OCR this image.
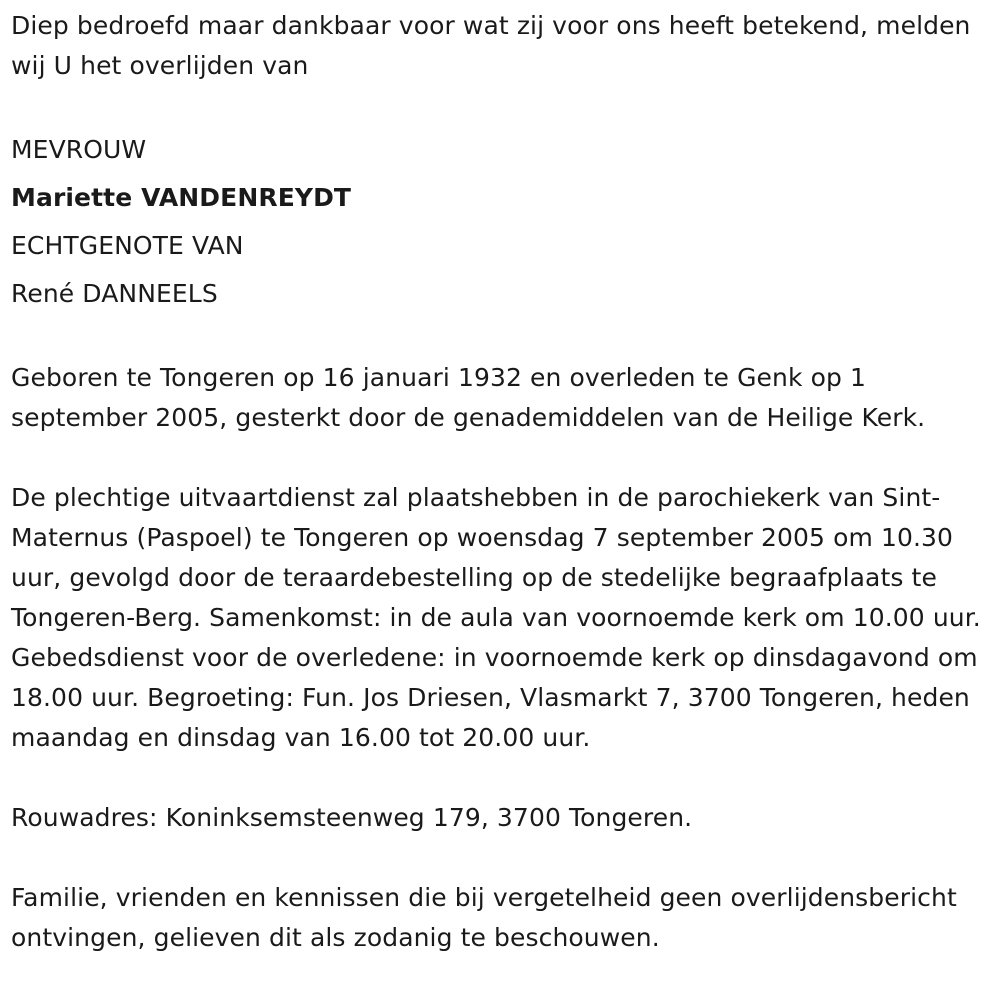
Diep bedroefd maar dankbaar voor wat zij voor ons heeft betekend, melden wij U het overlijden van

MEVROUW
Mariette VANDENREYDT
ECHTGENOTE VAN
René DANNEELS

Geboren te Tongeren op 16 januari 1932 en overleden te Genk op 1 september 2005, gesterkt door de genademiddelen van de Heilige Kerk.

De plechtige uitvaartdienst zal plaatshebben in de parochiekerk van Sint-Maternus (Paspoel) te Tongeren op woensdag 7 september 2005 om 10.30 uur, gevolgd door de teraardebestelling op de stedelijke begraafplaats te Tongeren-Berg. Samenkomst: in de aula van voornoemde kerk om 10.00 uur. Gebedsdienst voor de overledene: in voornoemde kerk op dinsdagavond om 18.00 uur. Begroeting: Fun. Jos Driesen, Vlasmarkt 7, 3700 Tongeren, heden maandag en dinsdag van 16.00 tot 20.00 uur.

Rouwadres: Koninksemsteenweg 179, 3700 Tongeren.

Familie, vrienden en kennissen die bij vergetelheid geen overlijdensbericht ontvingen, gelieven dit als zodanig te beschouwen.
